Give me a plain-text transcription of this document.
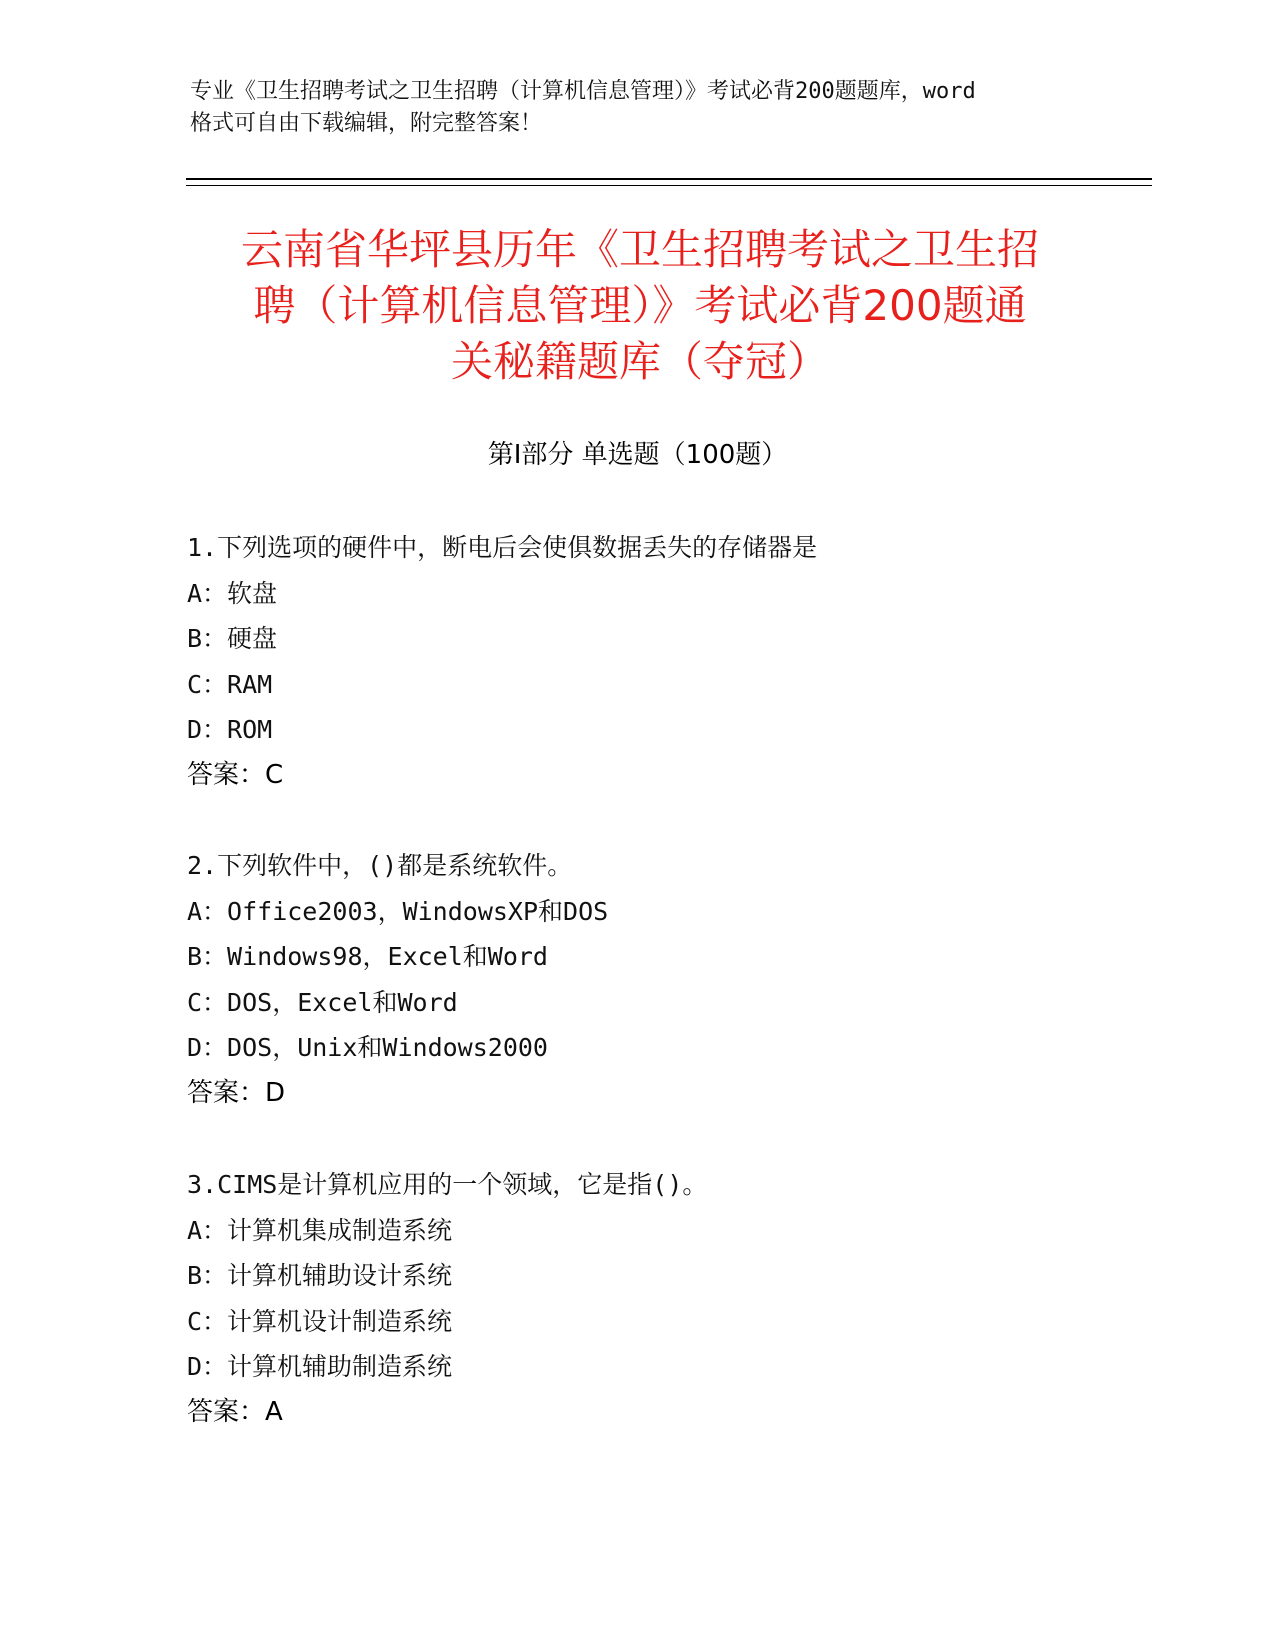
专业《卫生招聘考试之卫生招聘（计算机信息管理）》考试必背200题题库，word
格式可自由下载编辑，附完整答案！
云南省华坪县历年《卫生招聘考试之卫生招
聘（计算机信息管理）》考试必背200题通
关秘籍题库（夺冠）
第Ⅰ部分 单选题（100题）
1.下列选项的硬件中，断电后会使俱数据丢失的存储器是
A：软盘
B：硬盘
C：RAM
D：ROM
答案：C
2.下列软件中，()都是系统软件。
A：Office2003，WindowsXP和DOS
B：Windows98，Excel和Word
C：DOS，Excel和Word
D：DOS，Unix和Windows2000
答案：D
3.CIMS是计算机应用的一个领域，它是指()。
A：计算机集成制造系统
B：计算机辅助设计系统
C：计算机设计制造系统
D：计算机辅助制造系统
答案：A
